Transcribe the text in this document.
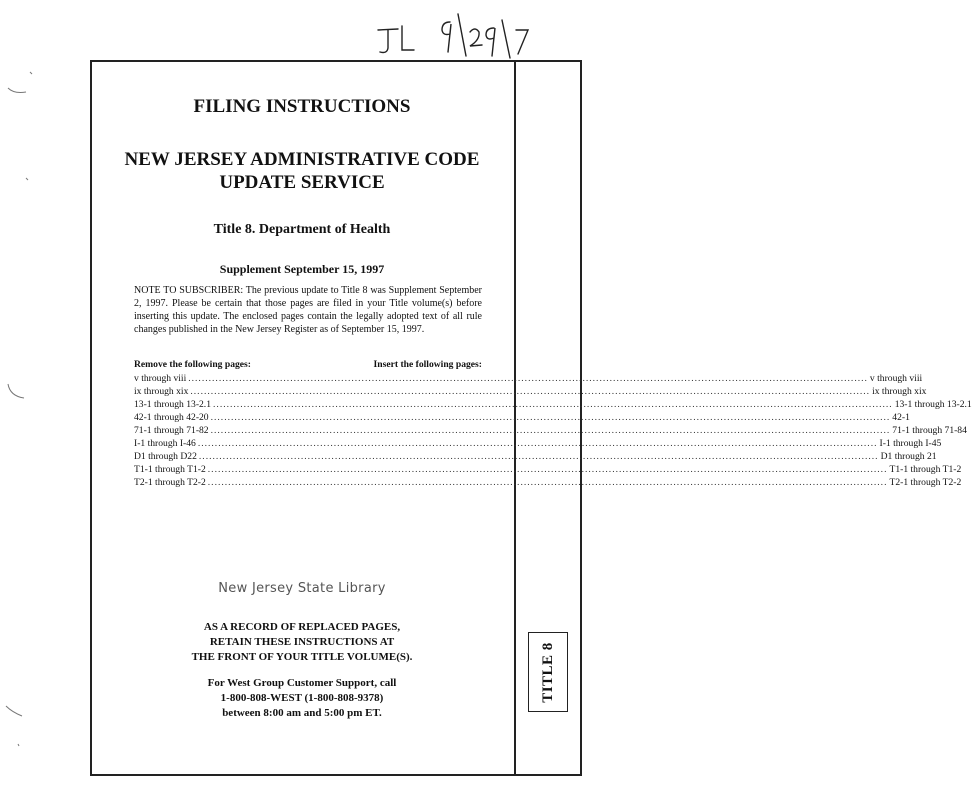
TITLE 8
FILING INSTRUCTIONS
NEW JERSEY ADMINISTRATIVE CODE
UPDATE SERVICE
Title 8. Department of Health
Supplement September 15, 1997
NOTE TO SUBSCRIBER: The previous update to Title 8 was Supplement September 2, 1997. Please be certain that those pages are filed in your Title volume(s) before inserting this update. The enclosed pages contain the legally adopted text of all rule changes published in the New Jersey Register as of September 15, 1997.
Remove the following pages:	Insert the following pages:
v through viii ........................................................................................................................................................................................................ v through viii
ix through xix ........................................................................................................................................................................................................ ix through xix
13-1 through 13-2.1 ........................................................................................................................................................................................................ 13-1 through 13-2.1
42-1 through 42-20 ........................................................................................................................................................................................................ 42-1
71-1 through 71-82 ........................................................................................................................................................................................................ 71-1 through 71-84
I-1 through I-46 ........................................................................................................................................................................................................ I-1 through I-45
D1 through D22 ........................................................................................................................................................................................................ D1 through 21
T1-1 through T1-2 ........................................................................................................................................................................................................ T1-1 through T1-2
T2-1 through T2-2 ........................................................................................................................................................................................................ T2-1 through T2-2
New Jersey State Library
AS A RECORD OF REPLACED PAGES,
RETAIN THESE INSTRUCTIONS AT
THE FRONT OF YOUR TITLE VOLUME(S).
For West Group Customer Support, call
1-800-808-WEST (1-800-808-9378)
between 8:00 am and 5:00 pm ET.
